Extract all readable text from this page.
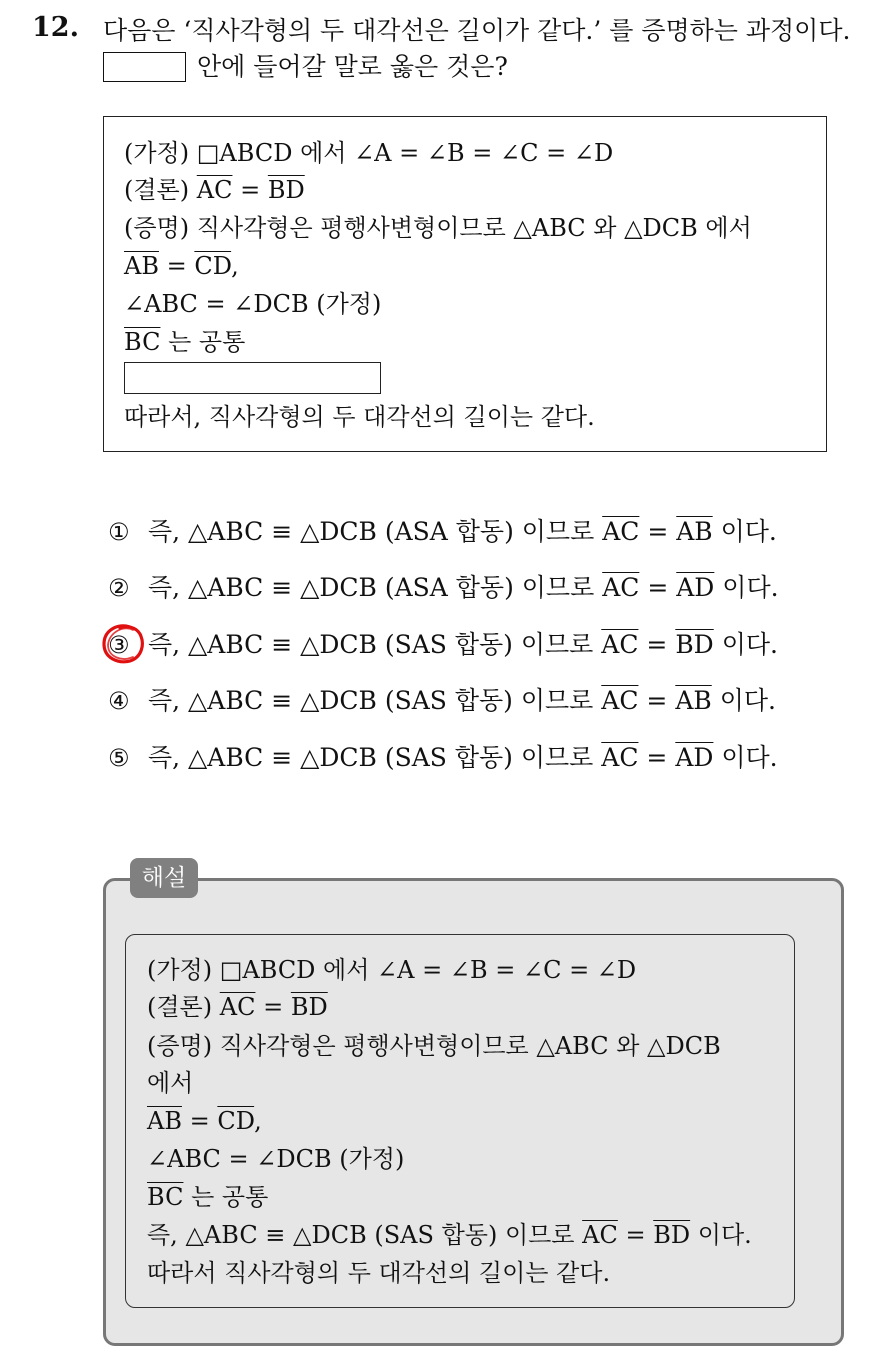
12. 다음은 ‘직사각형의 두 대각선은 길이가 같다.’ 를 증명하는 과정이다.
안에 들어갈 말로 옳은 것은?
(가정) □ABCD 에서 ∠A = ∠B = ∠C = ∠D
(결론) $\overline{AC} = \overline{BD}$
(증명) 직사각형은 평행사변형이므로 △ABC 와 △DCB 에서
$\overline{AB} = \overline{CD}$,
∠ABC = ∠DCB (가정)
$\overline{BC}$ 는 공통
따라서, 직사각형의 두 대각선의 길이는 같다.
① 즉, △ABC ≡ △DCB (ASA 합동) 이므로 $\overline{AC} = \overline{AB}$ 이다.
② 즉, △ABC ≡ △DCB (ASA 합동) 이므로 $\overline{AC} = \overline{AD}$ 이다.
③ 즉, △ABC ≡ △DCB (SAS 합동) 이므로 $\overline{AC} = \overline{BD}$ 이다.
④ 즉, △ABC ≡ △DCB (SAS 합동) 이므로 $\overline{AC} = \overline{AB}$ 이다.
⑤ 즉, △ABC ≡ △DCB (SAS 합동) 이므로 $\overline{AC} = \overline{AD}$ 이다.
해설
(가정) □ABCD 에서 ∠A = ∠B = ∠C = ∠D
(결론) $\overline{AC} = \overline{BD}$
(증명) 직사각형은 평행사변형이므로 △ABC 와 △DCB
에서
$\overline{AB} = \overline{CD}$,
∠ABC = ∠DCB (가정)
$\overline{BC}$ 는 공통
즉, △ABC ≡ △DCB (SAS 합동) 이므로 $\overline{AC} = \overline{BD}$ 이다.
따라서 직사각형의 두 대각선의 길이는 같다.
